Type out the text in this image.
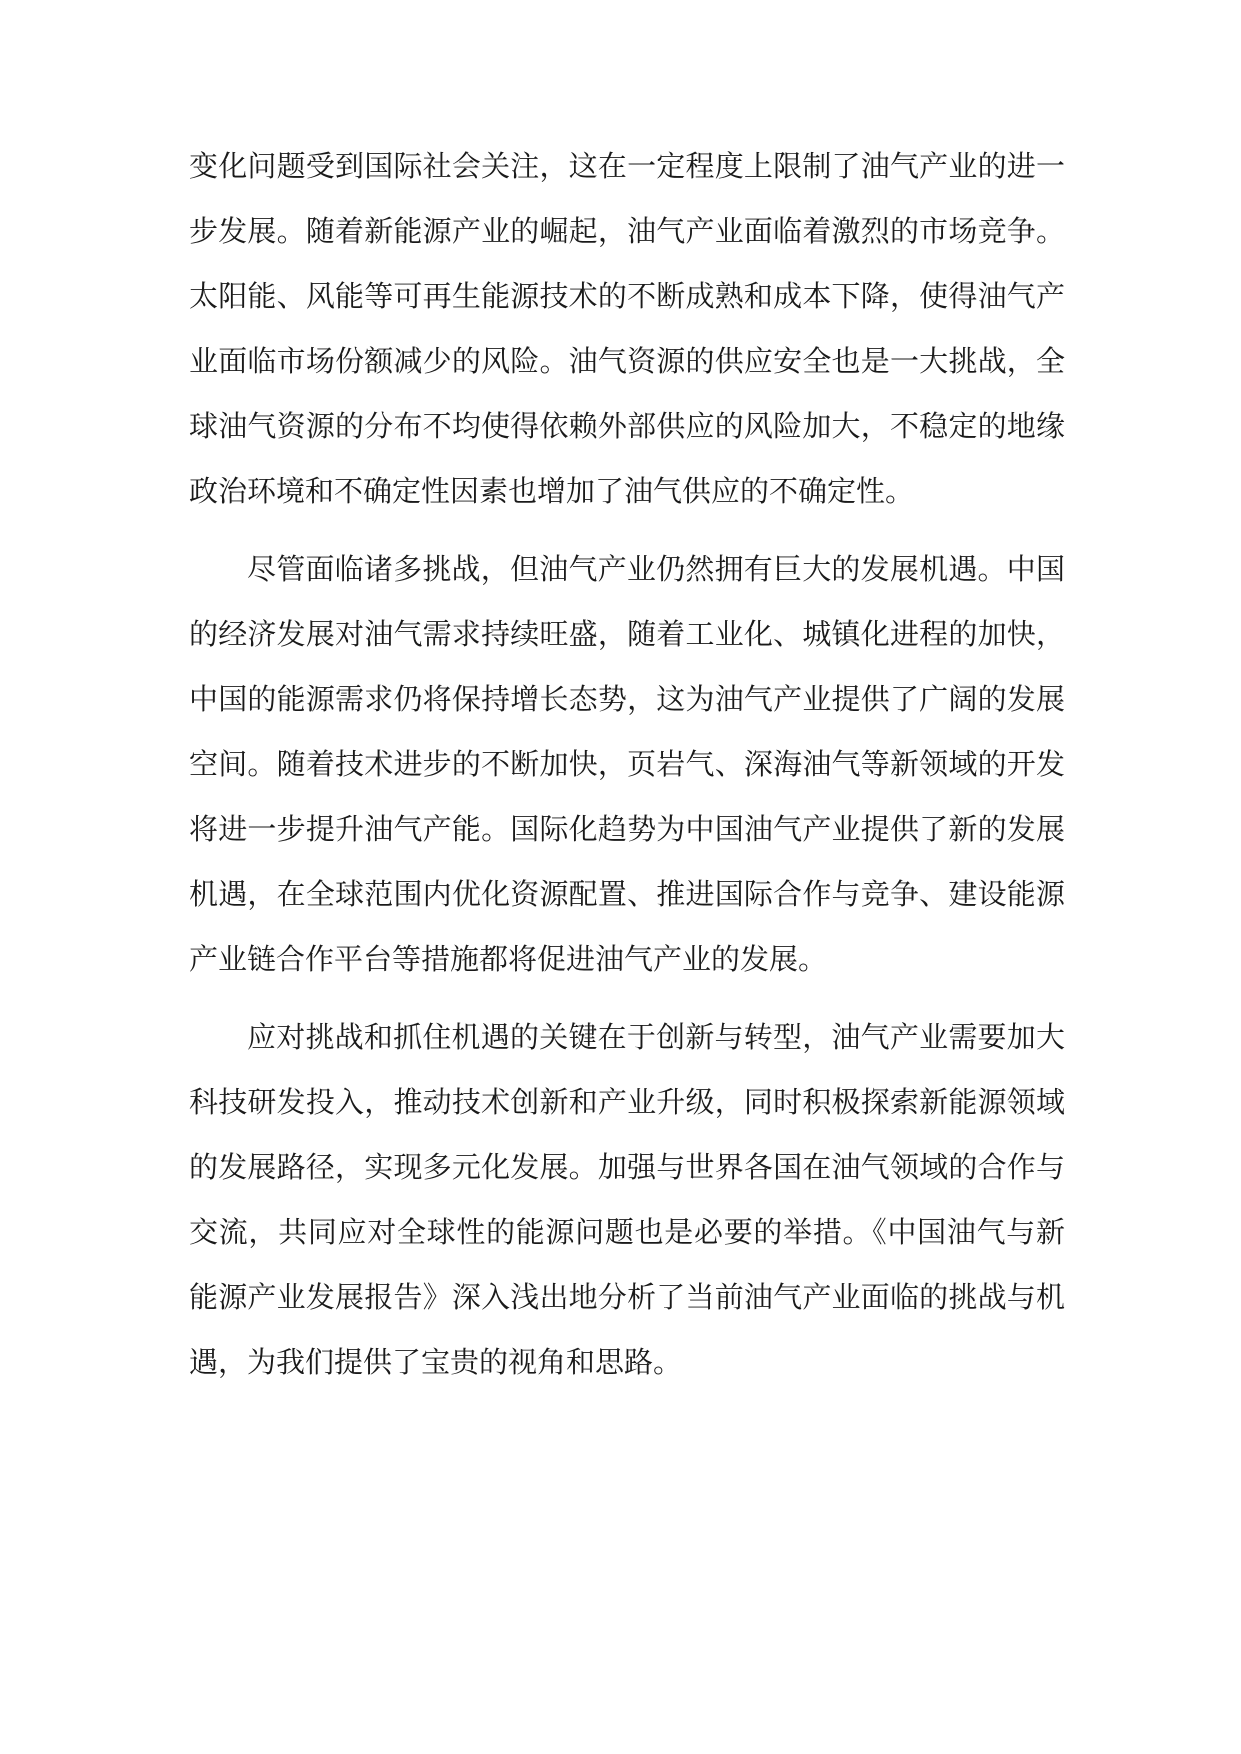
变化问题受到国际社会关注，这在一定程度上限制了油气产业的进一
步发展。随着新能源产业的崛起，油气产业面临着激烈的市场竞争。
太阳能、风能等可再生能源技术的不断成熟和成本下降，使得油气产
业面临市场份额减少的风险。油气资源的供应安全也是一大挑战，全
球油气资源的分布不均使得依赖外部供应的风险加大，不稳定的地缘
政治环境和不确定性因素也增加了油气供应的不确定性。
尽管面临诸多挑战，但油气产业仍然拥有巨大的发展机遇。中国
的经济发展对油气需求持续旺盛，随着工业化、城镇化进程的加快，
中国的能源需求仍将保持增长态势，这为油气产业提供了广阔的发展
空间。随着技术进步的不断加快，页岩气、深海油气等新领域的开发
将进一步提升油气产能。国际化趋势为中国油气产业提供了新的发展
机遇，在全球范围内优化资源配置、推进国际合作与竞争、建设能源
产业链合作平台等措施都将促进油气产业的发展。
应对挑战和抓住机遇的关键在于创新与转型，油气产业需要加大
科技研发投入，推动技术创新和产业升级，同时积极探索新能源领域
的发展路径，实现多元化发展。加强与世界各国在油气领域的合作与
交流，共同应对全球性的能源问题也是必要的举措。《中国油气与新
能源产业发展报告》深入浅出地分析了当前油气产业面临的挑战与机
遇，为我们提供了宝贵的视角和思路。
